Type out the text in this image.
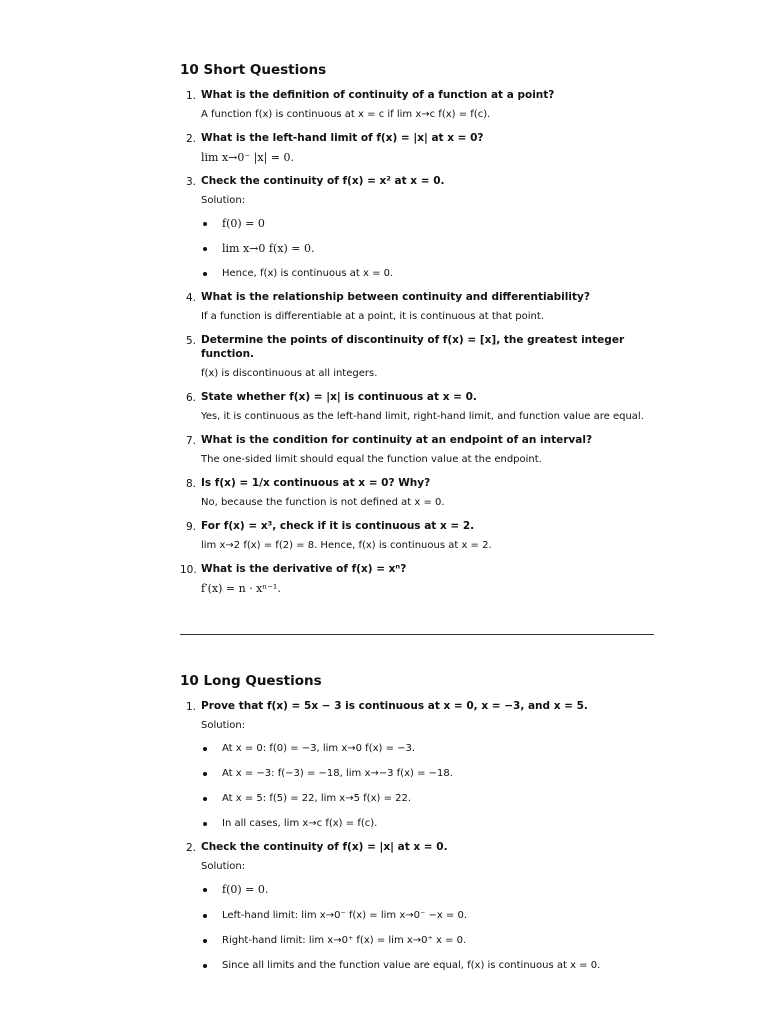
10 Short Questions
1. What is the definition of continuity of a function at a point?
A function f(x) is continuous at x = c if lim x→c f(x) = f(c).
2. What is the left-hand limit of f(x) = |x| at x = 0?
lim x→0⁻ |x| = 0.
3. Check the continuity of f(x) = x² at x = 0.
Solution:
f(0) = 0
lim x→0 f(x) = 0.
Hence, f(x) is continuous at x = 0.
4. What is the relationship between continuity and differentiability?
If a function is differentiable at a point, it is continuous at that point.
5. Determine the points of discontinuity of f(x) = [x], the greatest integer function.
f(x) is discontinuous at all integers.
6. State whether f(x) = |x| is continuous at x = 0.
Yes, it is continuous as the left-hand limit, right-hand limit, and function value are equal.
7. What is the condition for continuity at an endpoint of an interval?
The one-sided limit should equal the function value at the endpoint.
8. Is f(x) = 1/x continuous at x = 0? Why?
No, because the function is not defined at x = 0.
9. For f(x) = x³, check if it is continuous at x = 2.
lim x→2 f(x) = f(2) = 8. Hence, f(x) is continuous at x = 2.
10. What is the derivative of f(x) = xⁿ?
f′(x) = n · xⁿ⁻¹.
10 Long Questions
1. Prove that f(x) = 5x − 3 is continuous at x = 0, x = −3, and x = 5.
Solution:
At x = 0: f(0) = −3, lim x→0 f(x) = −3.
At x = −3: f(−3) = −18, lim x→−3 f(x) = −18.
At x = 5: f(5) = 22, lim x→5 f(x) = 22.
In all cases, lim x→c f(x) = f(c).
2. Check the continuity of f(x) = |x| at x = 0.
Solution:
f(0) = 0.
Left-hand limit: lim x→0⁻ f(x) = lim x→0⁻ −x = 0.
Right-hand limit: lim x→0⁺ f(x) = lim x→0⁺ x = 0.
Since all limits and the function value are equal, f(x) is continuous at x = 0.
